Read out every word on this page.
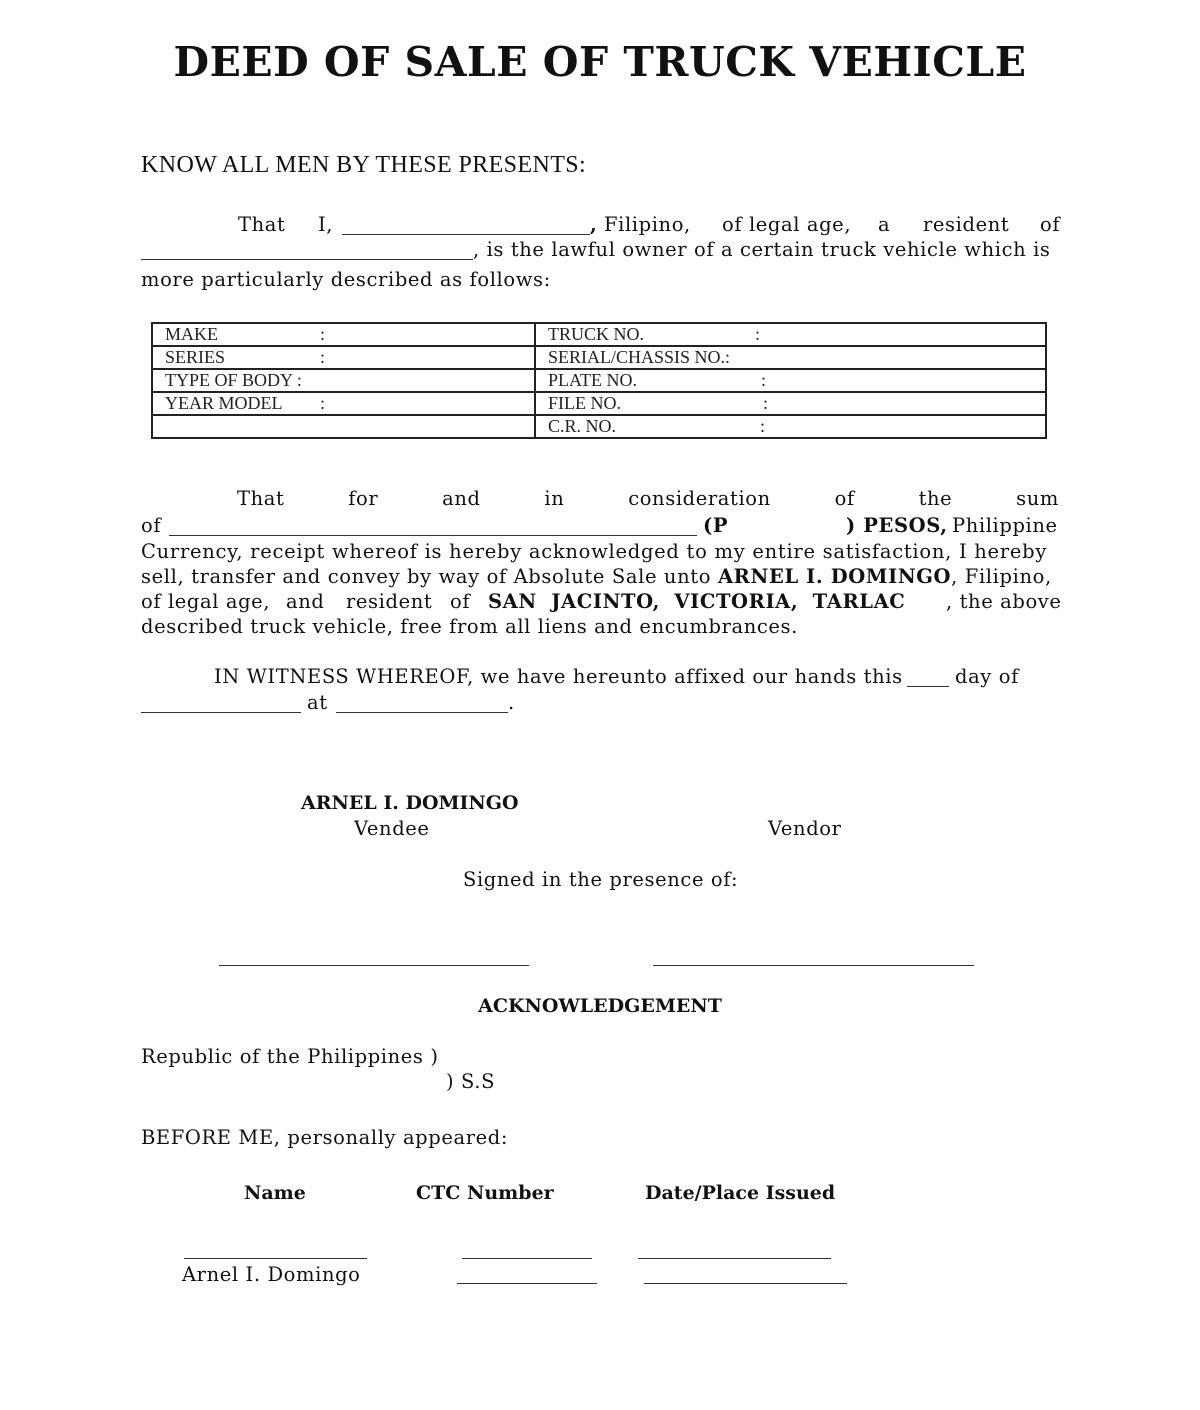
DEED OF SALE OF TRUCK VEHICLE
KNOW ALL MEN BY THESE PRESENTS:
That I,	, Filipino, of legal age, a resident of
, is the lawful owner of a certain truck vehicle which is
more particularly described as follows:
MAKE :	TRUCK NO. :
SERIES :	SERIAL/CHASSIS NO.:
TYPE OF BODY :	PLATE NO. :
YEAR MODEL :	FILE NO. :
	C.R. NO. :
That	for	and	in	consideration	of	the	sum
of	(P	) PESOS, Philippine
Currency, receipt whereof is hereby acknowledged to my entire satisfaction, I hereby
sell, transfer and convey by way of Absolute Sale unto ARNEL I. DOMINGO, Filipino,
of legal age, and resident of SAN JACINTO, VICTORIA, TARLAC , the above
described truck vehicle, free from all liens and encumbrances.
IN WITNESS WHEREOF, we have hereunto affixed our hands this	day of
at	.
ARNEL I. DOMINGO
Vendee	Vendor
Signed in the presence of:
ACKNOWLEDGEMENT
Republic of the Philippines )
) S.S
BEFORE ME, personally appeared:
Name	CTC Number	Date/Place Issued
Arnel I. Domingo
